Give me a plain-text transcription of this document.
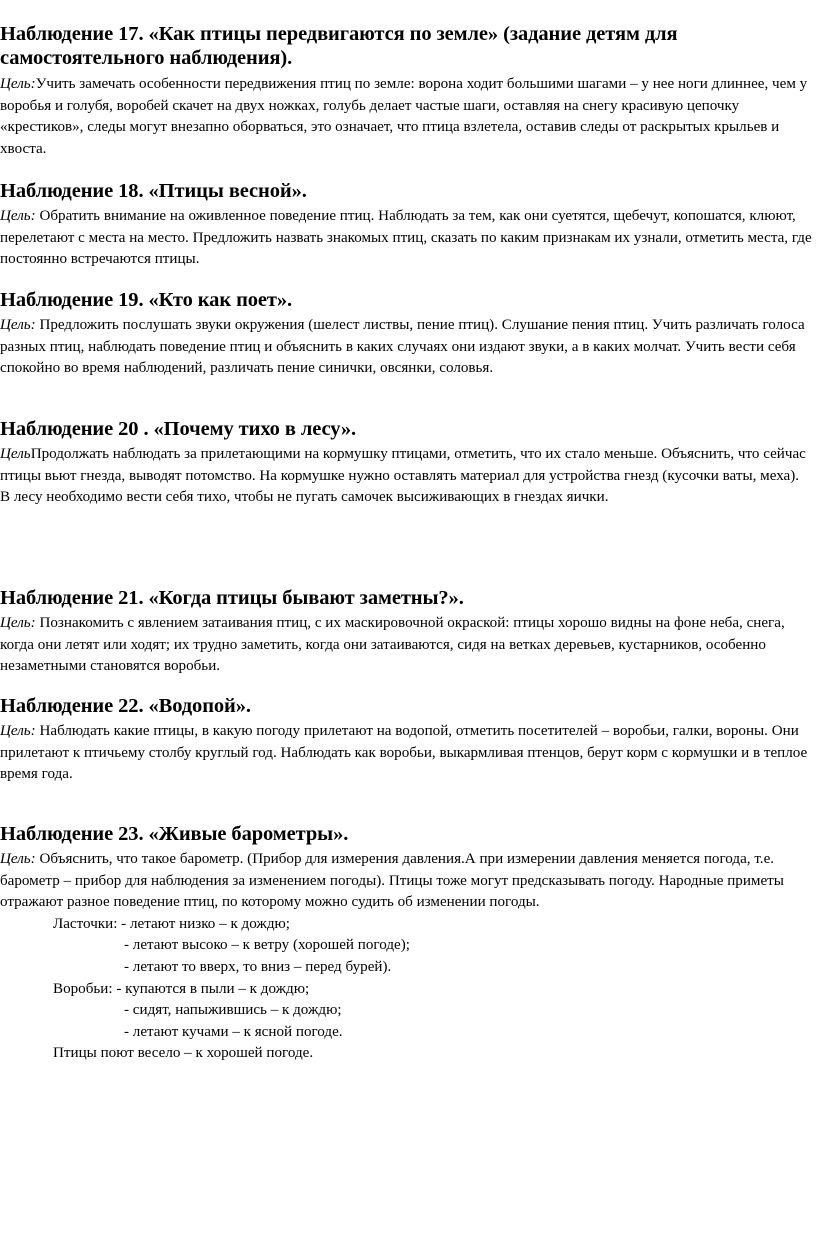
Наблюдение 17. «Как птицы передвигаются по земле» (задание детям для самостоятельного наблюдения).

Цель:Учить замечать особенности передвижения птиц по земле: ворона ходит большими шагами – у нее ноги длиннее, чем у воробья и голубя, воробей скачет на двух ножках, голубь делает частые шаги, оставляя на снегу красивую цепочку «крестиков», следы могут внезапно оборваться, это означает, что птица взлетела, оставив следы от раскрытых крыльев и хвоста.

Наблюдение 18. «Птицы весной».

Цель: Обратить внимание на оживленное поведение птиц. Наблюдать за тем, как они суетятся, щебечут, копошатся, клюют, перелетают с места на место. Предложить назвать знакомых птиц, сказать по каким признакам их узнали, отметить места, где постоянно встречаются птицы.

Наблюдение 19. «Кто как поет».

Цель: Предложить послушать звуки окружения (шелест листвы, пение птиц). Слушание пения птиц. Учить различать голоса разных птиц, наблюдать поведение птиц и объяснить в каких случаях они издают звуки, а в каких молчат. Учить вести себя спокойно во время наблюдений, различать пение синички, овсянки, соловья.

Наблюдение 20 . «Почему тихо в лесу».

ЦельПродолжать наблюдать за прилетающими на кормушку птицами, отметить, что их стало меньше. Объяснить, что сейчас птицы вьют гнезда, выводят потомство. На кормушке нужно оставлять материал для устройства гнезд (кусочки ваты, меха). В лесу необходимо вести себя тихо, чтобы не пугать самочек высиживающих в гнездах яички.

Наблюдение 21. «Когда птицы бывают заметны?».

Цель: Познакомить с явлением затаивания птиц, с их маскировочной окраской: птицы хорошо видны на фоне неба, снега, когда они летят или ходят; их трудно заметить, когда они затаиваются, сидя на ветках деревьев, кустарников, особенно незаметными становятся воробьи.

Наблюдение 22. «Водопой».

Цель: Наблюдать какие птицы, в какую погоду прилетают на водопой, отметить посетителей – воробьи, галки, вороны. Они прилетают к птичьему столбу круглый год. Наблюдать как воробьи, выкармливая птенцов, берут корм с кормушки и в теплое время года.

Наблюдение 23. «Живые барометры».

Цель: Объяснить, что такое барометр. (Прибор для измерения давления.А при измерении давления меняется погода, т.е. барометр – прибор для наблюдения за изменением погоды). Птицы тоже могут предсказывать погоду. Народные приметы отражают разное поведение птиц, по которому можно судить об изменении погоды.

Ласточки: - летают низко – к дождю;
- летают высоко – к ветру (хорошей погоде);
- летают то вверх, то вниз – перед бурей).
Воробьи: - купаются в пыли – к дождю;
- сидят, напыжившись – к дождю;
- летают кучами – к ясной погоде.
Птицы поют весело – к хорошей погоде.
